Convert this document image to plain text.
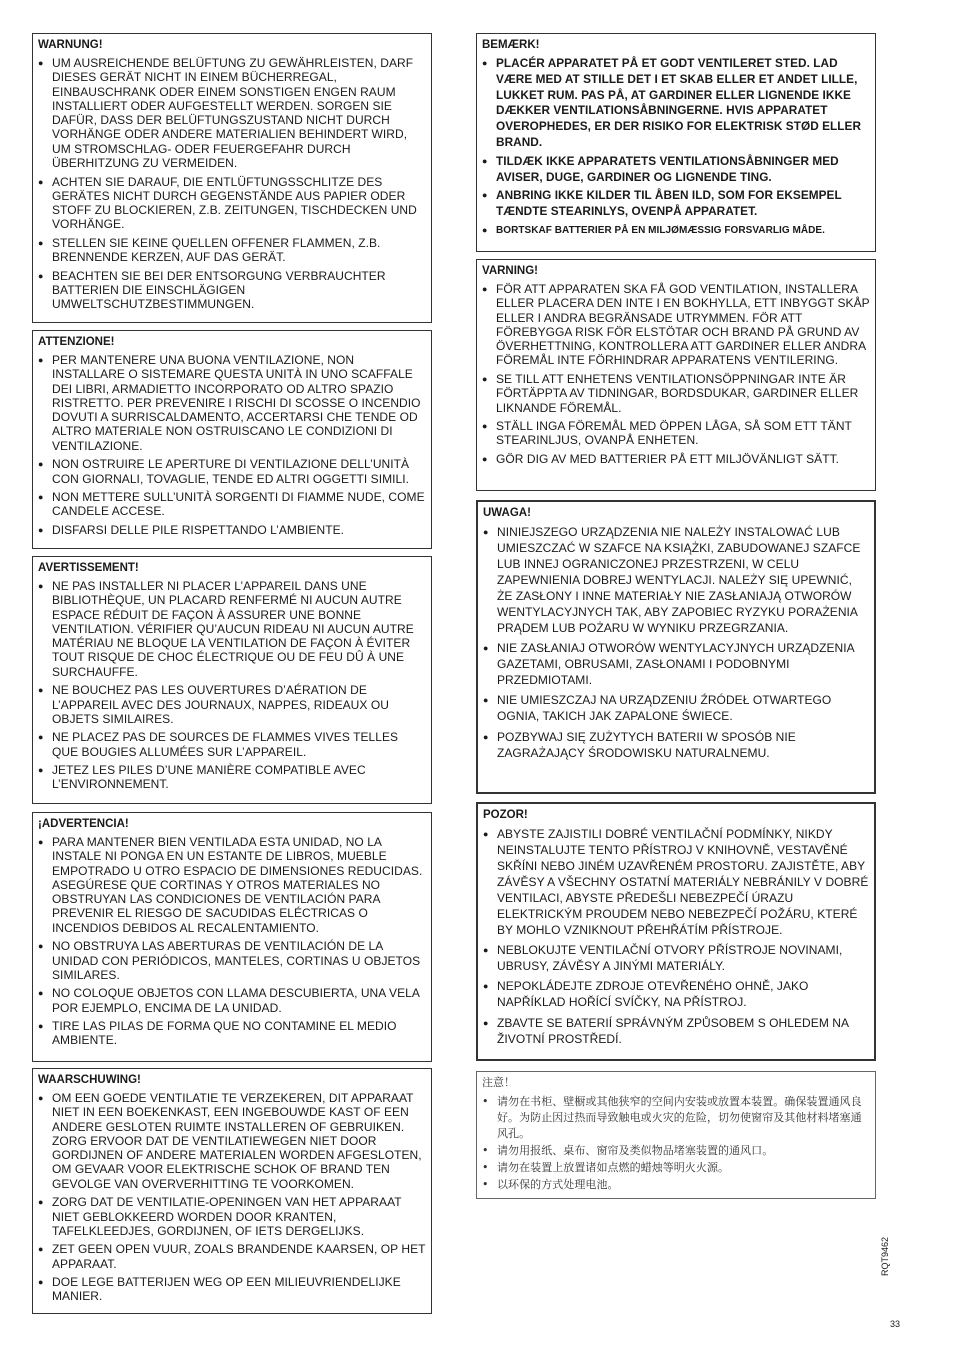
WARNUNG!
● UM AUSREICHENDE BELÜFTUNG ZU GEWÄHRLEISTEN, DARF DIESES GERÄT NICHT IN EINEM BÜCHERREGAL, EINBAUSCHRANK ODER EINEM SONSTIGEN ENGEN RAUM INSTALLIERT ODER AUFGESTELLT WERDEN. SORGEN SIE DAFÜR, DASS DER BELÜFTUNGSZUSTAND NICHT DURCH VORHÄNGE ODER ANDERE MATERIALIEN BEHINDERT WIRD, UM STROMSCHLAG- ODER FEUERGEFAHR DURCH ÜBERHITZUNG ZU VERMEIDEN.
● ACHTEN SIE DARAUF, DIE ENTLÜFTUNGSSCHLITZE DES GERÄTES NICHT DURCH GEGENSTÄNDE AUS PAPIER ODER STOFF ZU BLOCKIEREN, Z.B. ZEITUNGEN, TISCHDECKEN UND VORHÄNGE.
● STELLEN SIE KEINE QUELLEN OFFENER FLAMMEN, Z.B. BRENNENDE KERZEN, AUF DAS GERÄT.
● BEACHTEN SIE BEI DER ENTSORGUNG VERBRAUCHTER BATTERIEN DIE EINSCHLÄGIGEN UMWELTSCHUTZBESTIMMUNGEN.
ATTENZIONE!
● PER MANTENERE UNA BUONA VENTILAZIONE, NON INSTALLARE O SISTEMARE QUESTA UNITÀ IN UNO SCAFFALE DEI LIBRI, ARMADIETTO INCORPORATO OD ALTRO SPAZIO RISTRETTO. PER PREVENIRE I RISCHI DI SCOSSE O INCENDIO DOVUTI A SURRISCALDAMENTO, ACCERTARSI CHE TENDE OD ALTRO MATERIALE NON OSTRUISCANO LE CONDIZIONI DI VENTILAZIONE.
● NON OSTRUIRE LE APERTURE DI VENTILAZIONE DELL’UNITÀ CON GIORNALI, TOVAGLIE, TENDE ED ALTRI OGGETTI SIMILI.
● NON METTERE SULL’UNITÀ SORGENTI DI FIAMME NUDE, COME CANDELE ACCESE.
● DISFARSI DELLE PILE RISPETTANDO L’AMBIENTE.
AVERTISSEMENT!
● NE PAS INSTALLER NI PLACER L’APPAREIL DANS UNE BIBLIOTHÈQUE, UN PLACARD RENFERMÉ NI AUCUN AUTRE ESPACE RÉDUIT DE FAÇON À ASSURER UNE BONNE VENTILATION. VÉRIFIER QU’AUCUN RIDEAU NI AUCUN AUTRE MATÉRIAU NE BLOQUE LA VENTILATION DE FAÇON À ÉVITER TOUT RISQUE DE CHOC ÉLECTRIQUE OU DE FEU DÛ À UNE SURCHAUFFE.
● NE BOUCHEZ PAS LES OUVERTURES D’AÉRATION DE L’APPAREIL AVEC DES JOURNAUX, NAPPES, RIDEAUX OU OBJETS SIMILAIRES.
● NE PLACEZ PAS DE SOURCES DE FLAMMES VIVES TELLES QUE BOUGIES ALLUMÉES SUR L’APPAREIL.
● JETEZ LES PILES D’UNE MANIÈRE COMPATIBLE AVEC L’ENVIRONNEMENT.
¡ADVERTENCIA!
● PARA MANTENER BIEN VENTILADA ESTA UNIDAD, NO LA INSTALE NI PONGA EN UN ESTANTE DE LIBROS, MUEBLE EMPOTRADO U OTRO ESPACIO DE DIMENSIONES REDUCIDAS. ASEGÚRESE QUE CORTINAS Y OTROS MATERIALES NO OBSTRUYAN LAS CONDICIONES DE VENTILACIÓN PARA PREVENIR EL RIESGO DE SACUDIDAS ELÉCTRICAS O INCENDIOS DEBIDOS AL RECALENTAMIENTO.
● NO OBSTRUYA LAS ABERTURAS DE VENTILACIÓN DE LA UNIDAD CON PERIÓDICOS, MANTELES, CORTINAS U OBJETOS SIMILARES.
● NO COLOQUE OBJETOS CON LLAMA DESCUBIERTA, UNA VELA POR EJEMPLO, ENCIMA DE LA UNIDAD.
● TIRE LAS PILAS DE FORMA QUE NO CONTAMINE EL MEDIO AMBIENTE.
WAARSCHUWING!
● OM EEN GOEDE VENTILATIE TE VERZEKEREN, DIT APPARAAT NIET IN EEN BOEKENKAST, EEN INGEBOUWDE KAST OF EEN ANDERE GESLOTEN RUIMTE INSTALLEREN OF GEBRUIKEN. ZORG ERVOOR DAT DE VENTILATIEWEGEN NIET DOOR GORDIJNEN OF ANDERE MATERIALEN WORDEN AFGESLOTEN, OM GEVAAR VOOR ELEKTRISCHE SCHOK OF BRAND TEN GEVOLGE VAN OVERVERHITTING TE VOORKOMEN.
● ZORG DAT DE VENTILATIE-OPENINGEN VAN HET APPARAAT NIET GEBLOKKEERD WORDEN DOOR KRANTEN, TAFELKLEEDJES, GORDIJNEN, OF IETS DERGELIJKS.
● ZET GEEN OPEN VUUR, ZOALS BRANDENDE KAARSEN, OP HET APPARAAT.
● DOE LEGE BATTERIJEN WEG OP EEN MILIEUVRIENDELIJKE MANIER.
BEMÆRK!
● PLACÉR APPARATET PÅ ET GODT VENTILERET STED. LAD VÆRE MED AT STILLE DET I ET SKAB ELLER ET ANDET LILLE, LUKKET RUM. PAS PÅ, AT GARDINER ELLER LIGNENDE IKKE DÆKKER VENTILATIONSÅBNINGERNE. HVIS APPARATET OVEROPHEDES, ER DER RISIKO FOR ELEKTRISK STØD ELLER BRAND.
● TILDÆK IKKE APPARATETS VENTILATIONSÅBNINGER MED AVISER, DUGE, GARDINER OG LIGNENDE TING.
● ANBRING IKKE KILDER TIL ÅBEN ILD, SOM FOR EKSEMPEL TÆNDTE STEARINLYS, OVENPÅ APPARATET.
● BORTSKAF BATTERIER PÅ EN MILJØMÆSSIG FORSVARLIG MÅDE.
VARNING!
● FÖR ATT APPARATEN SKA FÅ GOD VENTILATION, INSTALLERA ELLER PLACERA DEN INTE I EN BOKHYLLA, ETT INBYGGT SKÅP ELLER I ANDRA BEGRÄNSADE UTRYMMEN. FÖR ATT FÖREBYGGA RISK FÖR ELSTÖTAR OCH BRAND PÅ GRUND AV ÖVERHETTNING, KONTROLLERA ATT GARDINER ELLER ANDRA FÖREMÅL INTE FÖRHINDRAR APPARATENS VENTILERING.
● SE TILL ATT ENHETENS VENTILATIONSÖPPNINGAR INTE ÄR FÖRTÄPPTA AV TIDNINGAR, BORDSDUKAR, GARDINER ELLER LIKNANDE FÖREMÅL.
● STÄLL INGA FÖREMÅL MED ÖPPEN LÅGA, SÅ SOM ETT TÄNT STEARINLJUS, OVANPÅ ENHETEN.
● GÖR DIG AV MED BATTERIER PÅ ETT MILJÖVÄNLIGT SÄTT.
UWAGA!
● NINIEJSZEGO URZĄDZENIA NIE NALEŻY INSTALOWAĆ LUB UMIESZCZAĆ W SZAFCE NA KSIĄŻKI, ZABUDOWANEJ SZAFCE LUB INNEJ OGRANICZONEJ PRZESTRZENI, W CELU ZAPEWNIENIA DOBREJ WENTYLACJI. NALEŻY SIĘ UPEWNIĆ, ŻE ZASŁONY I INNE MATERIAŁY NIE ZASŁANIAJĄ OTWORÓW WENTYLACYJNYCH TAK, ABY ZAPOBIEC RYZYKU PORAŻENIA PRĄDEM LUB POŻARU W WYNIKU PRZEGRZANIA.
● NIE ZASŁANIAJ OTWORÓW WENTYLACYJNYCH URZĄDZENIA GAZETAMI, OBRUSAMI, ZASŁONAMI I PODOBNYMI PRZEDMIOTAMI.
● NIE UMIESZCZAJ NA URZĄDZENIU ŹRÓDEŁ OTWARTEGO OGNIA, TAKICH JAK ZAPALONE ŚWIECE.
● POZBYWAJ SIĘ ZUŻYTYCH BATERII W SPOSÓB NIE ZAGRAŻAJĄCY ŚRODOWISKU NATURALNEMU.
POZOR!
● ABYSTE ZAJISTILI DOBRÉ VENTILAČNÍ PODMÍNKY, NIKDY NEINSTALUJTE TENTO PŘÍSTROJ V KNIHOVNĚ, VESTAVĚNÉ SKŘÍNI NEBO JINÉM UZAVŘENÉM PROSTORU. ZAJISTĚTE, ABY ZÁVĚSY A VŠECHNY OSTATNÍ MATERIÁLY NEBRÁNILY V DOBRÉ VENTILACI, ABYSTE PŘEDEŠLI NEBEZPEČÍ ÚRAZU ELEKTRICKÝM PROUDEM NEBO NEBEZPEČÍ POŽÁRU, KTERÉ BY MOHLO VZNIKNOUT PŘEHŘÁTÍM PŘÍSTROJE.
● NEBLOKUJTE VENTILAČNÍ OTVORY PŘÍSTROJE NOVINAMI, UBRUSY, ZÁVĚSY A JINÝMI MATERIÁLY.
● NEPOKLÁDEJTE ZDROJE OTEVŘENÉHO OHNĚ, JAKO NAPŘÍKLAD HOŘÍCÍ SVÍČKY, NA PŘÍSTROJ.
● ZBAVTE SE BATERIÍ SPRÁVNÝM ZPŮSOBEM S OHLEDEM NA ŽIVOTNÍ PROSTŘEDÍ.
注意！
• 请勿在书柜、壁橱或其他狭窄的空间内安装或放置本装置。确保装置通风良好。为防止因过热而导致触电或火灾的危险，切勿使窗帘及其他材料堵塞通风孔。
• 请勿用报纸、桌布、窗帘及类似物品堵塞装置的通风口。
• 请勿在装置上放置诸如点燃的蜡烛等明火火源。
• 以环保的方式处理电池。
RQT9462
33
